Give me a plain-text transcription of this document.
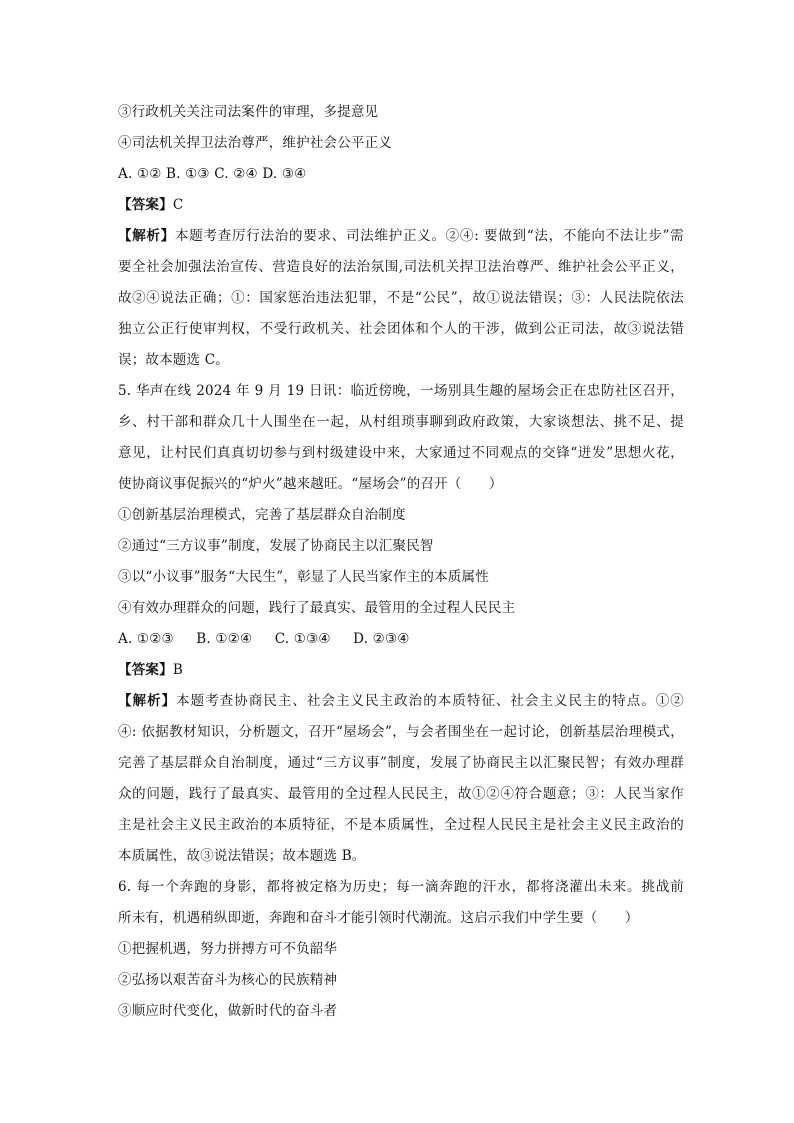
③行政机关关注司法案件的审理，多提意见
④司法机关捍卫法治尊严，维护社会公平正义
A. ①② B. ①③ C. ②④ D. ③④
【答案】C
【解析】本题考查厉行法治的要求、司法维护正义。②④: 要做到“法，不能向不法让步”需
要全社会加强法治宣传、营造良好的法治氛围,司法机关捍卫法治尊严、维护社会公平正义，
故②④说法正确；①：国家惩治违法犯罪，不是“公民”，故①说法错误；③：人民法院依法
独立公正行使审判权，不受行政机关、社会团体和个人的干涉，做到公正司法，故③说法错
误；故本题选 C。
5. 华声在线 2024 年 9 月 19 日讯：临近傍晚，一场别具生趣的屋场会正在忠防社区召开，
乡、村干部和群众几十人围坐在一起，从村组琐事聊到政府政策，大家谈想法、挑不足、提
意见，让村民们真真切切参与到村级建设中来，大家通过不同观点的交锋“迸发”思想火花，
使协商议事促振兴的“炉火”越来越旺。“屋场会”的召开（　　）
①创新基层治理模式，完善了基层群众自治制度
②通过“三方议事”制度，发展了协商民主以汇聚民智
③以“小议事”服务“大民生”，彰显了人民当家作主的本质属性
④有效办理群众的问题，践行了最真实、最管用的全过程人民民主
A. ①②③     B. ①②④     C. ①③④     D. ②③④
【答案】B
【解析】本题考查协商民主、社会主义民主政治的本质特征、社会主义民主的特点。①②
④: 依据教材知识，分析题文，召开“屋场会”，与会者围坐在一起讨论，创新基层治理模式，
完善了基层群众自治制度，通过“三方议事”制度，发展了协商民主以汇聚民智；有效办理群
众的问题，践行了最真实、最管用的全过程人民民主，故①②④符合题意；③：人民当家作
主是社会主义民主政治的本质特征，不是本质属性，全过程人民民主是社会主义民主政治的
本质属性，故③说法错误；故本题选 B。
6. 每一个奔跑的身影，都将被定格为历史；每一滴奔跑的汗水，都将浇灌出未来。挑战前
所未有，机遇稍纵即逝，奔跑和奋斗才能引领时代潮流。这启示我们中学生要（　　）
①把握机遇，努力拼搏方可不负韶华
②弘扬以艰苦奋斗为核心的民族精神
③顺应时代变化，做新时代的奋斗者
